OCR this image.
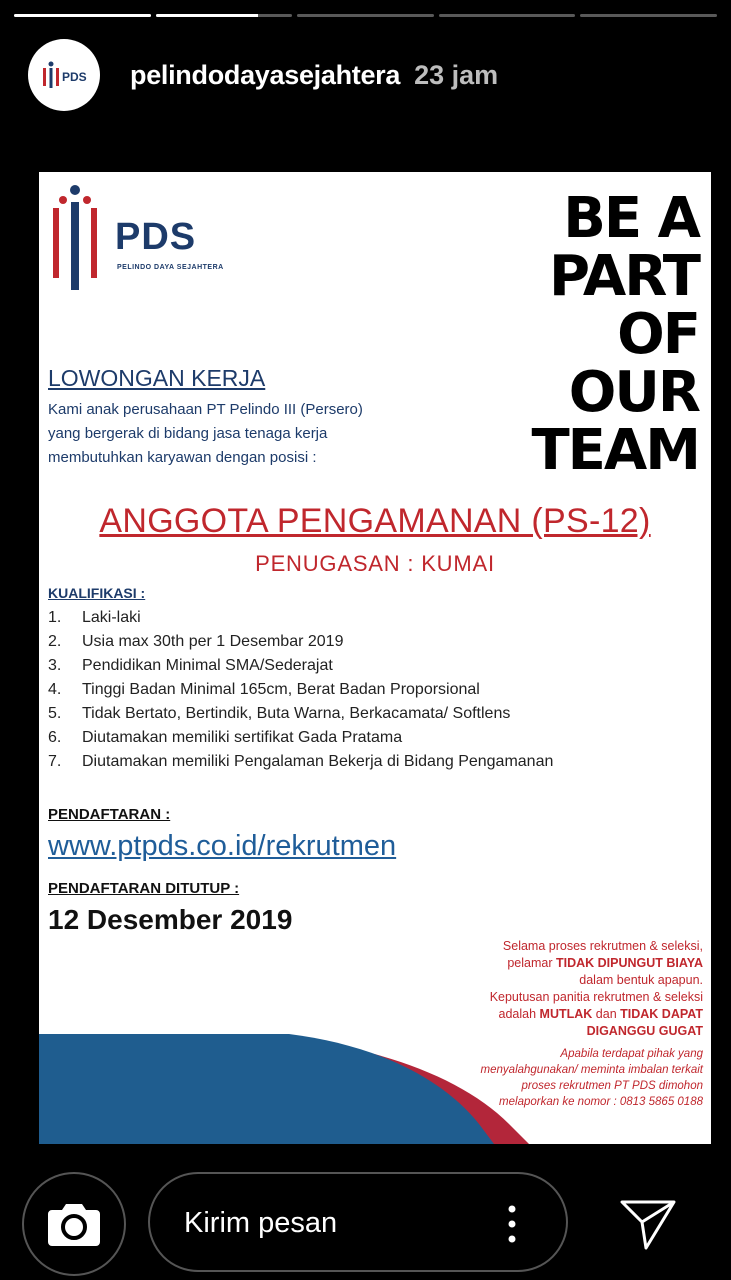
PDS pelindodayasejahtera 23 jam
PDS
PELINDO DAYA SEJAHTERA
BE A
PART
OF
OUR
TEAM
LOWONGAN KERJA
Kami anak perusahaan PT Pelindo III (Persero)
yang bergerak di bidang jasa tenaga kerja
membutuhkan karyawan dengan posisi :
ANGGOTA PENGAMANAN (PS-12)
PENUGASAN : KUMAI
KUALIFIKASI :
1.	Laki-laki
2.	Usia max 30th per 1 Desembar 2019
3.	Pendidikan Minimal SMA/Sederajat
4.	Tinggi Badan Minimal 165cm, Berat Badan Proporsional
5.	Tidak Bertato, Bertindik, Buta Warna, Berkacamata/ Softlens
6.	Diutamakan memiliki sertifikat Gada Pratama
7.	Diutamakan memiliki Pengalaman Bekerja di Bidang Pengamanan
PENDAFTARAN :
www.ptpds.co.id/rekrutmen
PENDAFTARAN DITUTUP :
12 Desember 2019
Selama proses rekrutmen & seleksi,
pelamar TIDAK DIPUNGUT BIAYA
dalam bentuk apapun.
Keputusan panitia rekrutmen & seleksi
adalah MUTLAK dan TIDAK DAPAT
DIGANGGU GUGAT
Apabila terdapat pihak yang
menyalahgunakan/ meminta imbalan terkait
proses rekrutmen PT PDS dimohon
melaporkan ke nomor : 0813 5865 0188
Kirim pesan
